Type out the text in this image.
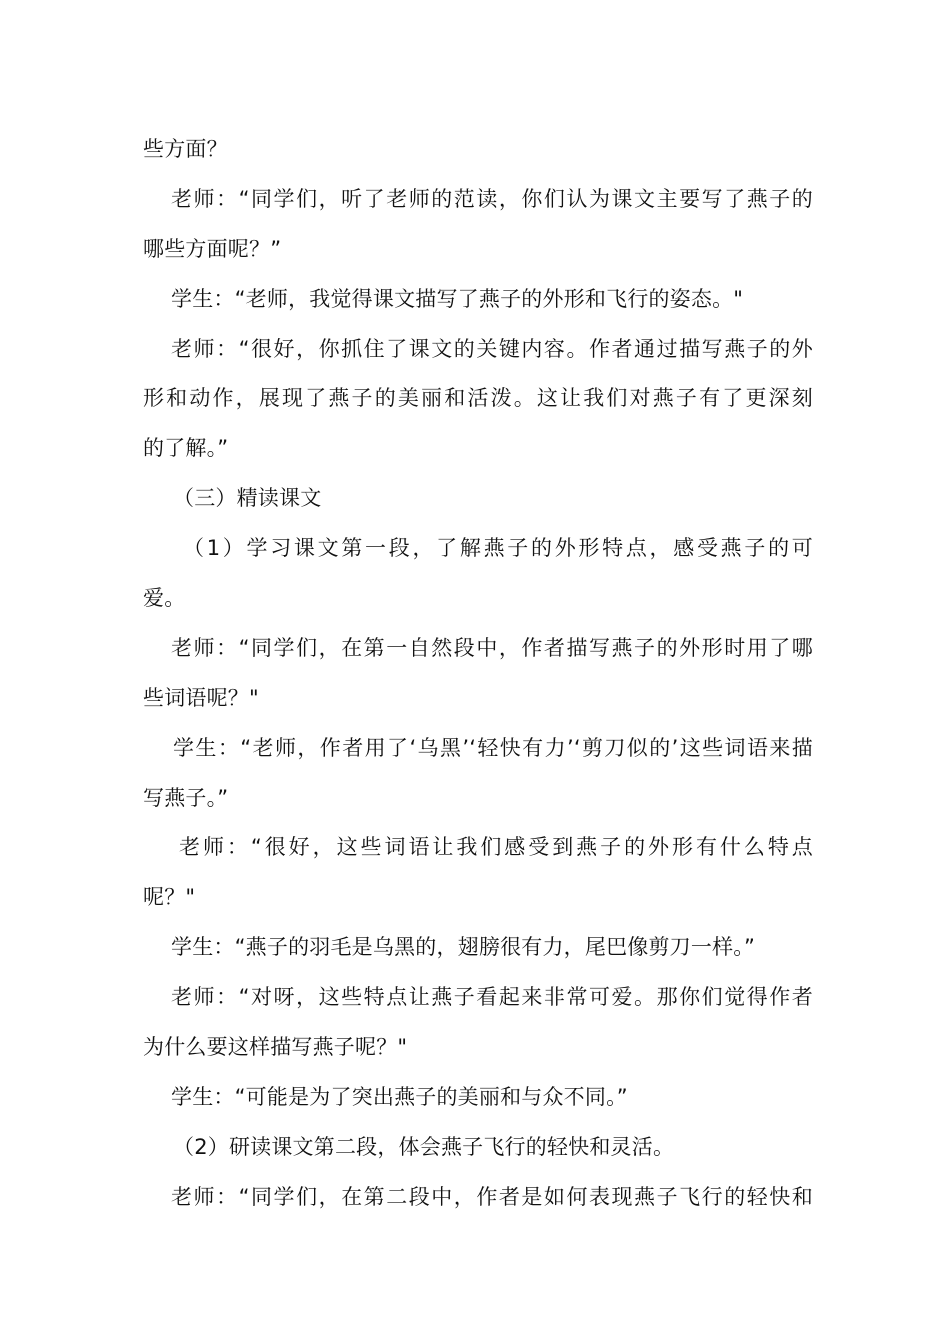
些方面？
老师：“同学们，听了老师的范读，你们认为课文主要写了燕子的
哪些方面呢？”
学生：“老师，我觉得课文描写了燕子的外形和飞行的姿态。"
老师：“很好，你抓住了课文的关键内容。作者通过描写燕子的外
形和动作，展现了燕子的美丽和活泼。这让我们对燕子有了更深刻
的了解。”
（三）精读课文
（1）学习课文第一段，了解燕子的外形特点，感受燕子的可
爱。
老师：“同学们，在第一自然段中，作者描写燕子的外形时用了哪
些词语呢？"
学生：“老师，作者用了‘乌黑’‘轻快有力’‘剪刀似的’这些词语来描
写燕子。”
老师：“很好，这些词语让我们感受到燕子的外形有什么特点
呢？"
学生：“燕子的羽毛是乌黑的，翅膀很有力，尾巴像剪刀一样。”
老师：“对呀，这些特点让燕子看起来非常可爱。那你们觉得作者
为什么要这样描写燕子呢？"
学生：“可能是为了突出燕子的美丽和与众不同。”
（2）研读课文第二段，体会燕子飞行的轻快和灵活。
老师：“同学们，在第二段中，作者是如何表现燕子飞行的轻快和
